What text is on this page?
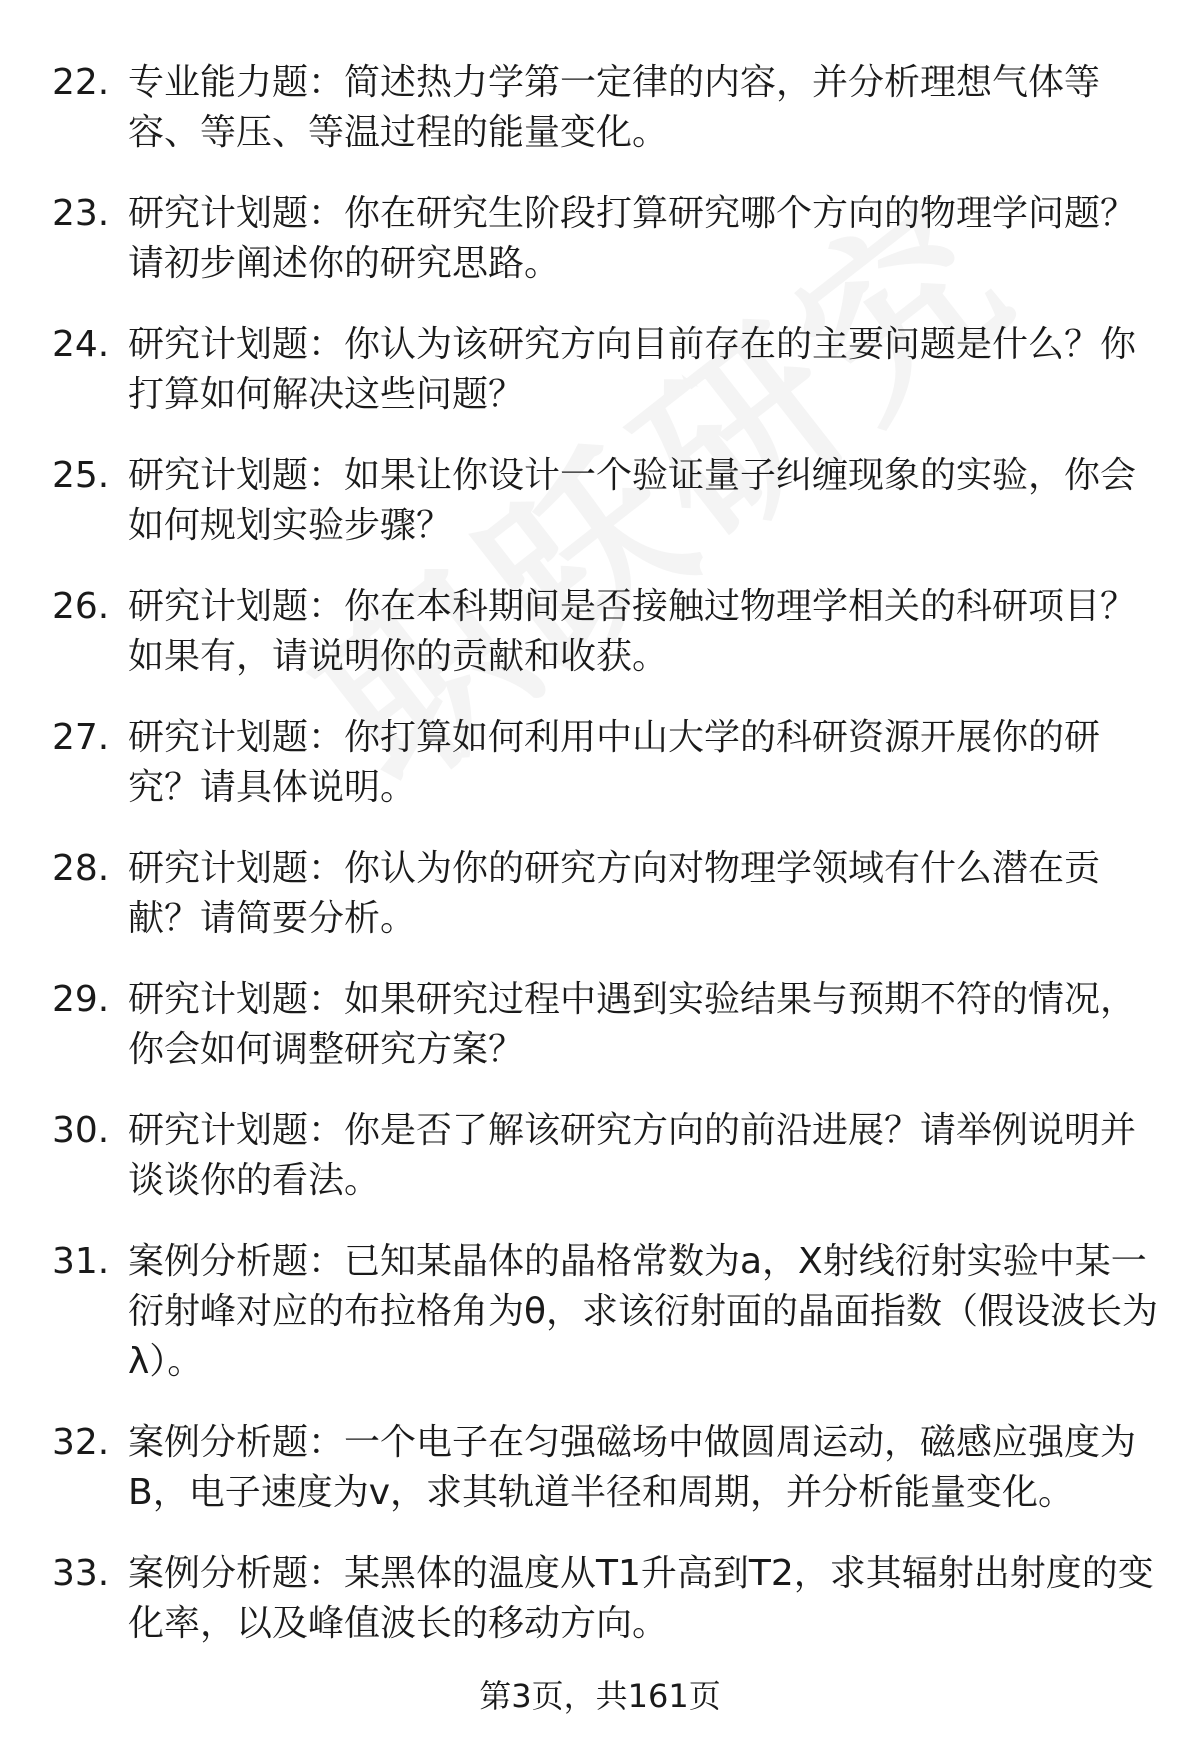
22. 专业能力题：简述热力学第一定律的内容，并分析理想气体等容、等压、等温过程的能量变化。
23. 研究计划题：你在研究生阶段打算研究哪个方向的物理学问题？请初步阐述你的研究思路。
24. 研究计划题：你认为该研究方向目前存在的主要问题是什么？你打算如何解决这些问题？
25. 研究计划题：如果让你设计一个验证量子纠缠现象的实验，你会如何规划实验步骤？
26. 研究计划题：你在本科期间是否接触过物理学相关的科研项目？如果有，请说明你的贡献和收获。
27. 研究计划题：你打算如何利用中山大学的科研资源开展你的研究？请具体说明。
28. 研究计划题：你认为你的研究方向对物理学领域有什么潜在贡献？请简要分析。
29. 研究计划题：如果研究过程中遇到实验结果与预期不符的情况，你会如何调整研究方案？
30. 研究计划题：你是否了解该研究方向的前沿进展？请举例说明并谈谈你的看法。
31. 案例分析题：已知某晶体的晶格常数为a，X射线衍射实验中某一衍射峰对应的布拉格角为θ，求该衍射面的晶面指数（假设波长为λ）。
32. 案例分析题：一个电子在匀强磁场中做圆周运动，磁感应强度为B，电子速度为v，求其轨道半径和周期，并分析能量变化。
33. 案例分析题：某黑体的温度从T1升高到T2，求其辐射出射度的变化率，以及峰值波长的移动方向。
第3页，共161页
